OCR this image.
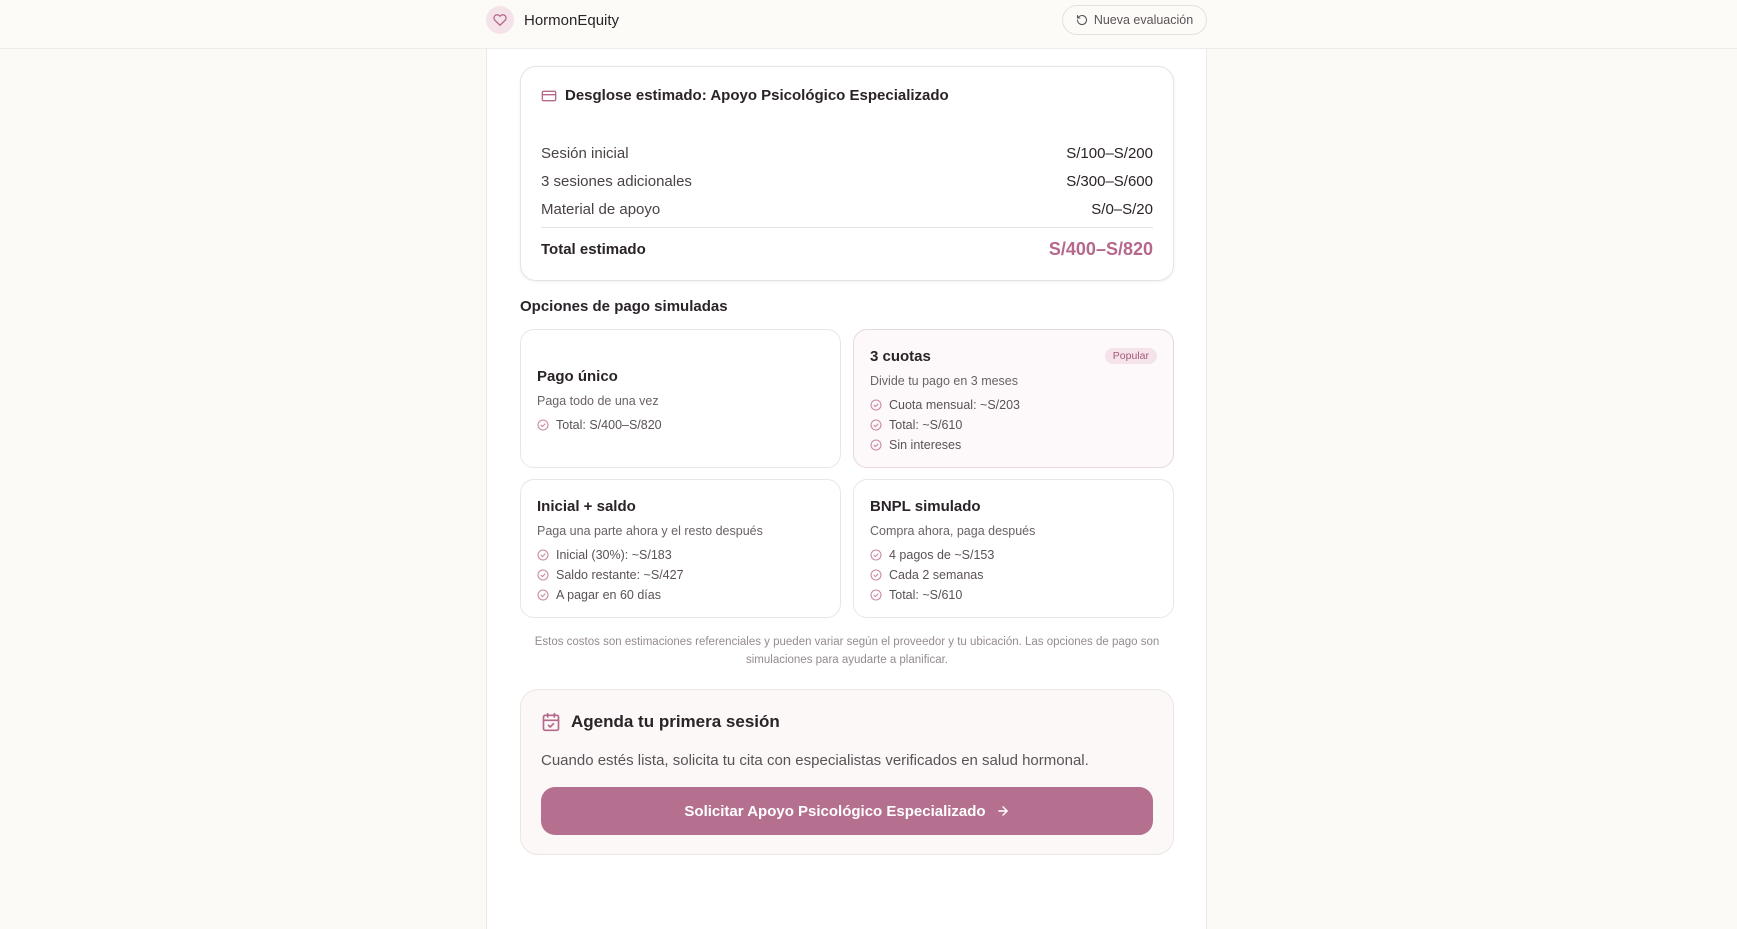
HormonEquity	Nueva evaluación
Desglose estimado: Apoyo Psicológico Especializado
Sesión inicial	S/100–S/200
3 sesiones adicionales	S/300–S/600
Material de apoyo	S/0–S/20
Total estimado	S/400–S/820
Opciones de pago simuladas
Pago único
Paga todo de una vez
Total: S/400–S/820
Popular
3 cuotas
Divide tu pago en 3 meses
Cuota mensual: ~S/203
Total: ~S/610
Sin intereses
Inicial + saldo
Paga una parte ahora y el resto después
Inicial (30%): ~S/183
Saldo restante: ~S/427
A pagar en 60 días
BNPL simulado
Compra ahora, paga después
4 pagos de ~S/153
Cada 2 semanas
Total: ~S/610
Estos costos son estimaciones referenciales y pueden variar según el proveedor y tu ubicación. Las opciones de pago son simulaciones para ayudarte a planificar.
Agenda tu primera sesión
Cuando estés lista, solicita tu cita con especialistas verificados en salud hormonal.
Solicitar Apoyo Psicológico Especializado
